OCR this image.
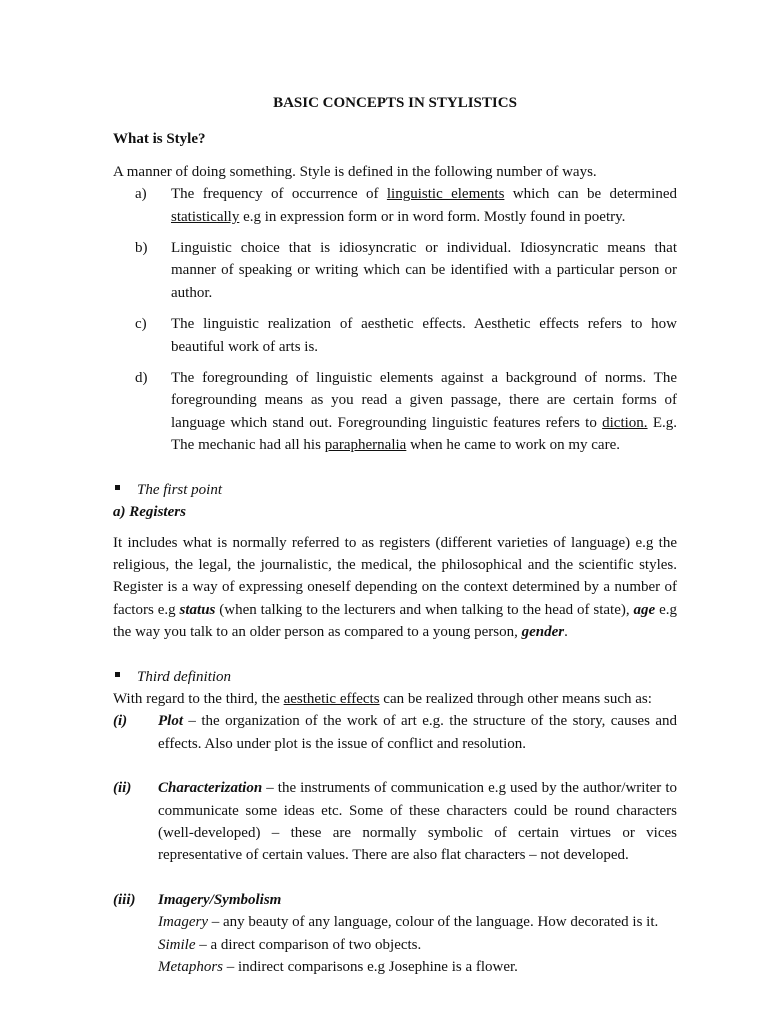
BASIC CONCEPTS IN STYLISTICS

What is Style?

A manner of doing something. Style is defined in the following number of ways.

a)	The frequency of occurrence of linguistic elements which can be determined statistically e.g in expression form or in word form. Mostly found in poetry.
b)	Linguistic choice that is idiosyncratic or individual. Idiosyncratic means that manner of speaking or writing which can be identified with a particular person or author.
c)	The linguistic realization of aesthetic effects. Aesthetic effects refers to how beautiful work of arts is.
d)	The foregrounding of linguistic elements against a background of norms. The foregrounding means as you read a given passage, there are certain forms of language which stand out. Foregrounding linguistic features refers to diction. E.g. The mechanic had all his paraphernalia when he came to work on my care.
The first point

a) Registers

It includes what is normally referred to as registers (different varieties of language) e.g the religious, the legal, the journalistic, the medical, the philosophical and the scientific styles. Register is a way of expressing oneself depending on the context determined by a number of factors e.g status (when talking to the lecturers and when talking to the head of state), age e.g the way you talk to an older person as compared to a young person, gender.

Third definition

With regard to the third, the aesthetic effects can be realized through other means such as:

(i)	Plot – the organization of the work of art e.g. the structure of the story, causes and effects. Also under plot is the issue of conflict and resolution.
(ii)	Characterization – the instruments of communication e.g used by the author/writer to communicate some ideas etc. Some of these characters could be round characters (well-developed) – these are normally symbolic of certain virtues or vices representative of certain values. There are also flat characters – not developed.
(iii)	Imagery/Symbolism
Imagery – any beauty of any language, colour of the language. How decorated is it.
Simile – a direct comparison of two objects.
Metaphors – indirect comparisons e.g Josephine is a flower.
